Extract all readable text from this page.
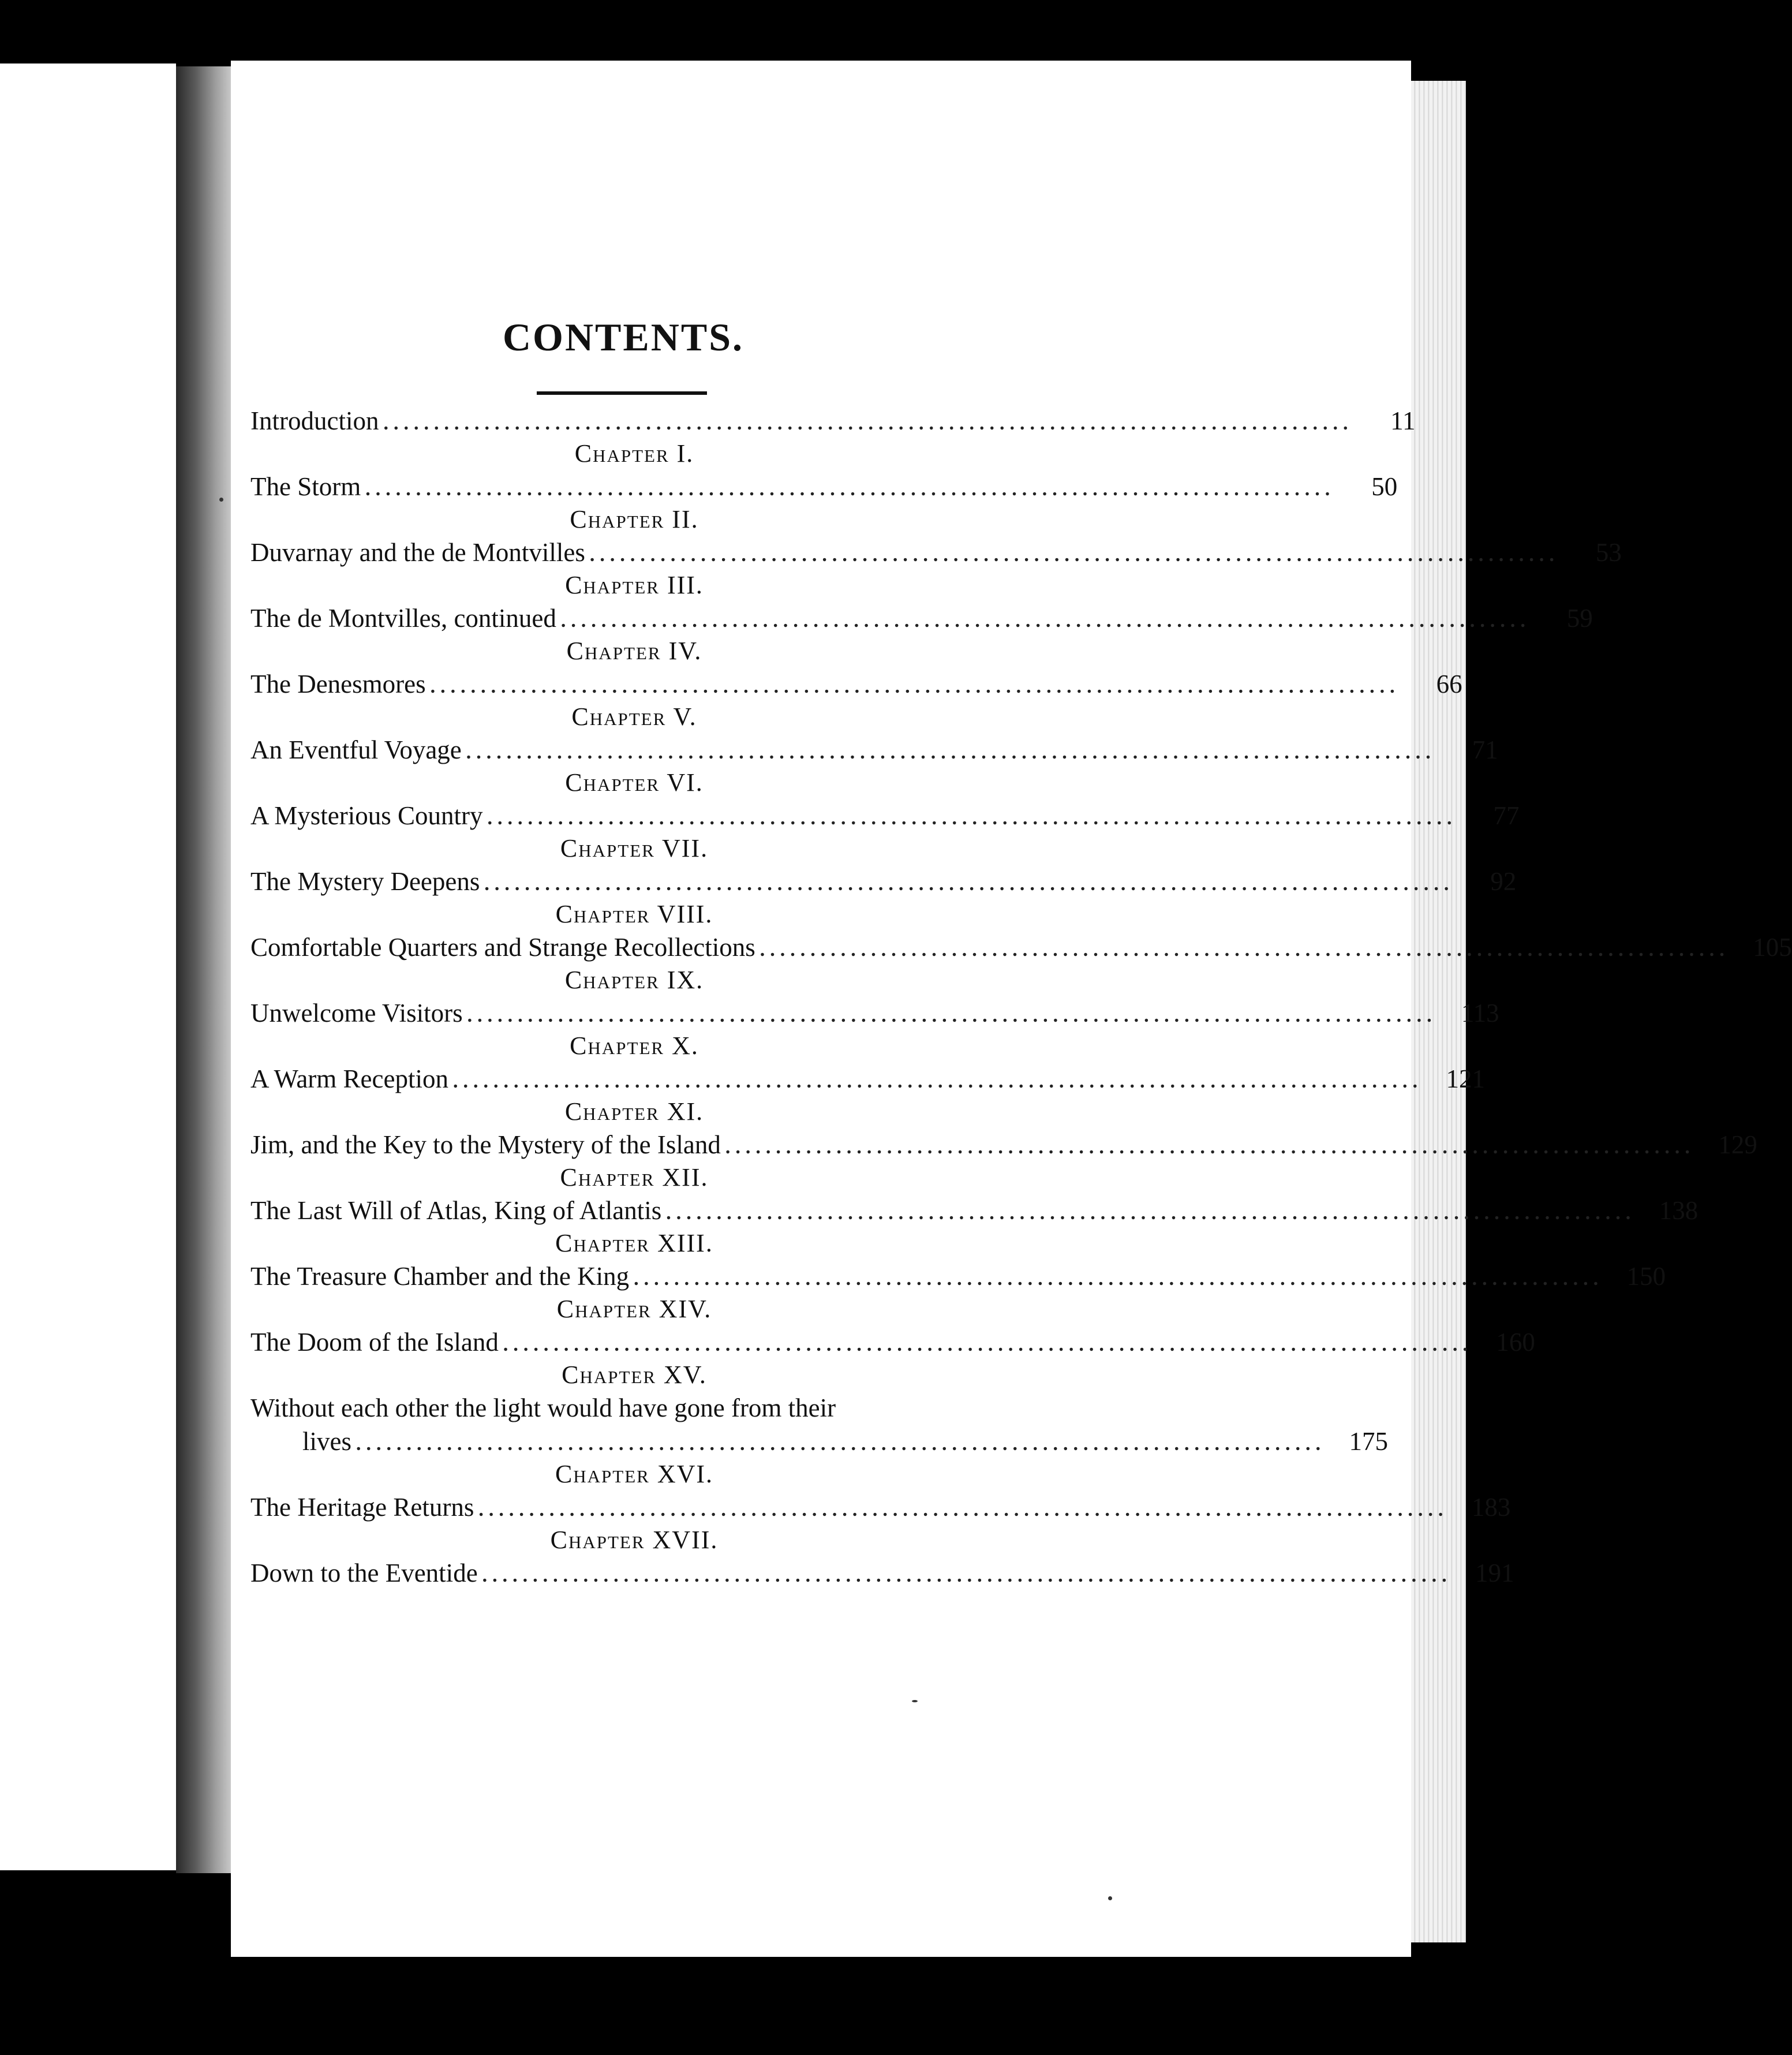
CONTENTS.
Introduction ................................................................................................	11
Chapter I.
The Storm ................................................................................................	50
Chapter II.
Duvarnay and the de Montvilles ................................................................................................	53
Chapter III.
The de Montvilles, continued ................................................................................................	59
Chapter IV.
The Denesmores ................................................................................................	66
Chapter V.
An Eventful Voyage ................................................................................................	71
Chapter VI.
A Mysterious Country ................................................................................................	77
Chapter VII.
The Mystery Deepens ................................................................................................	92
Chapter VIII.
Comfortable Quarters and Strange Recollections ................................................................................................ 105
Chapter IX.
Unwelcome Visitors ................................................................................................ 113
Chapter X.
A Warm Reception ................................................................................................ 121
Chapter XI.
Jim, and the Key to the Mystery of the Island ................................................................................................ 129
Chapter XII.
The Last Will of Atlas, King of Atlantis ................................................................................................ 138
Chapter XIII.
The Treasure Chamber and the King ................................................................................................ 150
Chapter XIV.
The Doom of the Island ................................................................................................ 160
Chapter XV.
Without each other the light would have gone from their
lives ................................................................................................ 175
Chapter XVI.
The Heritage Returns ................................................................................................ 183
Chapter XVII.
Down to the Eventide ................................................................................................ 191
